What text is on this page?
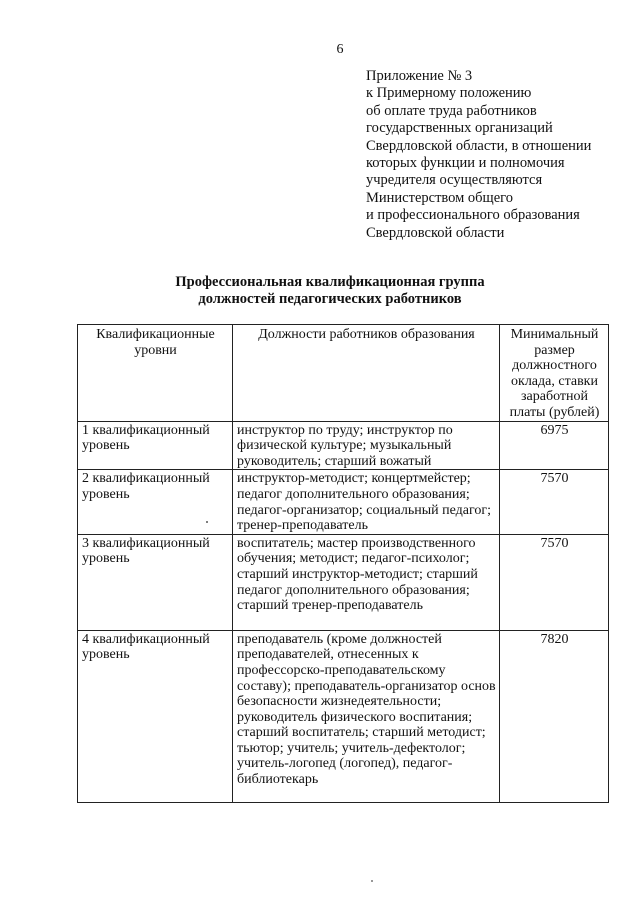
6
Приложение № 3
к Примерному положению
об оплате труда работников
государственных организаций
Свердловской области, в отношении
которых функции и полномочия
учредителя осуществляются
Министерством общего
и профессионального образования
Свердловской области
Профессиональная квалификационная группа
должностей педагогических работников
Квалификационные уровни	Должности работников образования	Минимальный размер должностного оклада, ставки заработной платы (рублей)
1 квалификационный уровень	инструктор по труду; инструктор по физической культуре; музыкальный руководитель; старший вожатый	6975
2 квалификационный уровень	инструктор-методист; концертмейстер; педагог дополнительного образования; педагог-организатор; социальный педагог; тренер-преподаватель	7570
3 квалификационный уровень	воспитатель; мастер производственного обучения; методист; педагог-психолог; старший инструктор-методист; старший педагог дополнительного образования; старший тренер-преподаватель	7570
4 квалификационный уровень	преподаватель (кроме должностей преподавателей, отнесенных к профессорско-преподавательскому составу); преподаватель-организатор основ безопасности жизнедеятельности; руководитель физического воспитания; старший воспитатель; старший методист; тьютор; учитель; учитель-дефектолог; учитель-логопед (логопед), педагог-библиотекарь	7820
